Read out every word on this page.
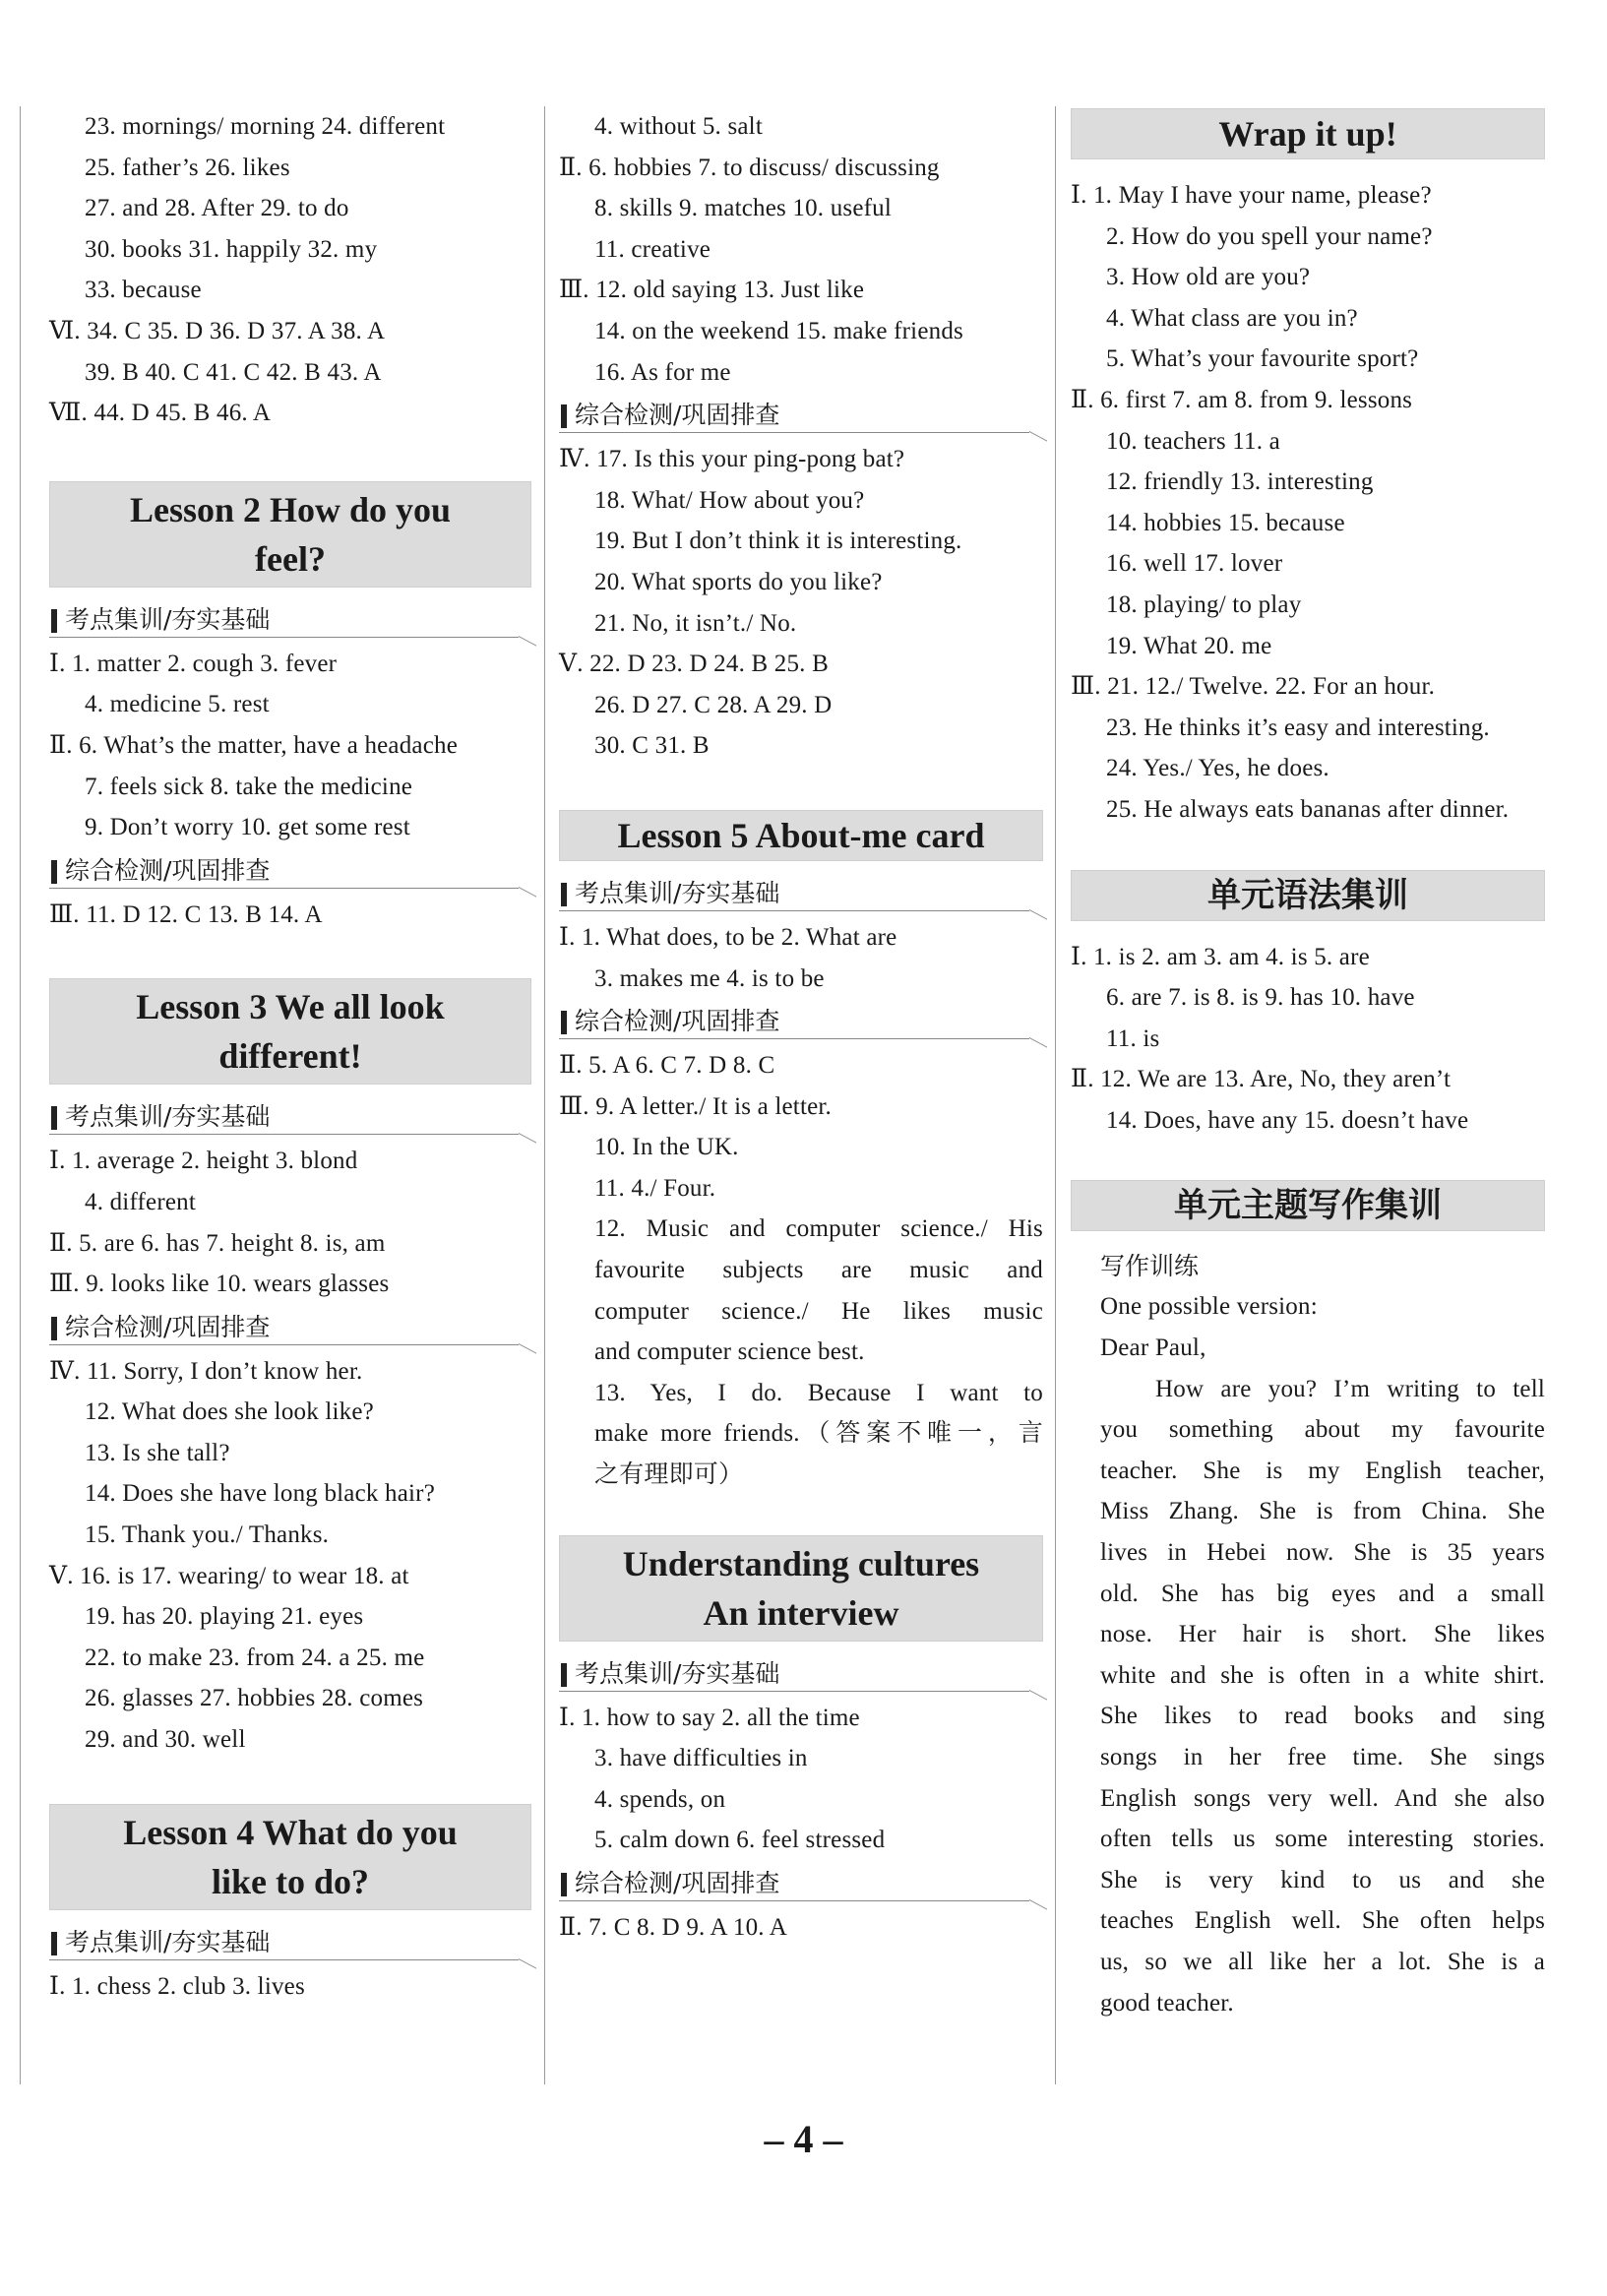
23. mornings/ morning 24. different
25. father’s 26. likes
27. and 28. After 29. to do
30. books 31. happily 32. my
33. because
Ⅵ. 34. C 35. D 36. D 37. A 38. A
39. B 40. C 41. C 42. B 43. A
Ⅶ. 44. D 45. B 46. A
Lesson 2 How do you
feel?
考点集训/夯实基础
Ⅰ. 1. matter 2. cough 3. fever
4. medicine 5. rest
Ⅱ. 6. What’s the matter, have a headache
7. feels sick 8. take the medicine
9. Don’t worry 10. get some rest
综合检测/巩固排查
Ⅲ. 11. D 12. C 13. B 14. A
Lesson 3 We all look
different!
考点集训/夯实基础
Ⅰ. 1. average 2. height 3. blond
4. different
Ⅱ. 5. are 6. has 7. height 8. is, am
Ⅲ. 9. looks like 10. wears glasses
综合检测/巩固排查
Ⅳ. 11. Sorry, I don’t know her.
12. What does she look like?
13. Is she tall?
14. Does she have long black hair?
15. Thank you./ Thanks.
Ⅴ. 16. is 17. wearing/ to wear 18. at
19. has 20. playing 21. eyes
22. to make 23. from 24. a 25. me
26. glasses 27. hobbies 28. comes
29. and 30. well
Lesson 4 What do you
like to do?
考点集训/夯实基础
Ⅰ. 1. chess 2. club 3. lives
4. without 5. salt
Ⅱ. 6. hobbies 7. to discuss/ discussing
8. skills 9. matches 10. useful
11. creative
Ⅲ. 12. old saying 13. Just like
14. on the weekend 15. make friends
16. As for me
综合检测/巩固排查
Ⅳ. 17. Is this your ping-pong bat?
18. What/ How about you?
19. But I don’t think it is interesting.
20. What sports do you like?
21. No, it isn’t./ No.
Ⅴ. 22. D 23. D 24. B 25. B
26. D 27. C 28. A 29. D
30. C 31. B
Lesson 5 About-me card
考点集训/夯实基础
Ⅰ. 1. What does, to be 2. What are
3. makes me 4. is to be
综合检测/巩固排查
Ⅱ. 5. A 6. C 7. D 8. C
Ⅲ. 9. A letter./ It is a letter.
10. In the UK.
11. 4./ Four.
12. Music and computer science./ His
favourite subjects are music and
computer science./ He likes music
and computer science best.
13. Yes, I do. Because I want to
make more friends.（答案不唯一，言
之有理即可）
Understanding cultures
An interview
考点集训/夯实基础
Ⅰ. 1. how to say 2. all the time
3. have difficulties in
4. spends, on
5. calm down 6. feel stressed
综合检测/巩固排查
Ⅱ. 7. C 8. D 9. A 10. A
Wrap it up!
Ⅰ. 1. May I have your name, please?
2. How do you spell your name?
3. How old are you?
4. What class are you in?
5. What’s your favourite sport?
Ⅱ. 6. first 7. am 8. from 9. lessons
10. teachers 11. a
12. friendly 13. interesting
14. hobbies 15. because
16. well 17. lover
18. playing/ to play
19. What 20. me
Ⅲ. 21. 12./ Twelve. 22. For an hour.
23. He thinks it’s easy and interesting.
24. Yes./ Yes, he does.
25. He always eats bananas after dinner.
单元语法集训
Ⅰ. 1. is 2. am 3. am 4. is 5. are
6. are 7. is 8. is 9. has 10. have
11. is
Ⅱ. 12. We are 13. Are, No, they aren’t
14. Does, have any 15. doesn’t have
单元主题写作集训
写作训练
One possible version:
Dear Paul,
How are you? I’m writing to tell
you something about my favourite
teacher. She is my English teacher,
Miss Zhang. She is from China. She
lives in Hebei now. She is 35 years
old. She has big eyes and a small
nose. Her hair is short. She likes
white and she is often in a white shirt.
She likes to read books and sing
songs in her free time. She sings
English songs very well. And she also
often tells us some interesting stories.
She is very kind to us and she
teaches English well. She often helps
us, so we all like her a lot. She is a
good teacher.
– 4 –
